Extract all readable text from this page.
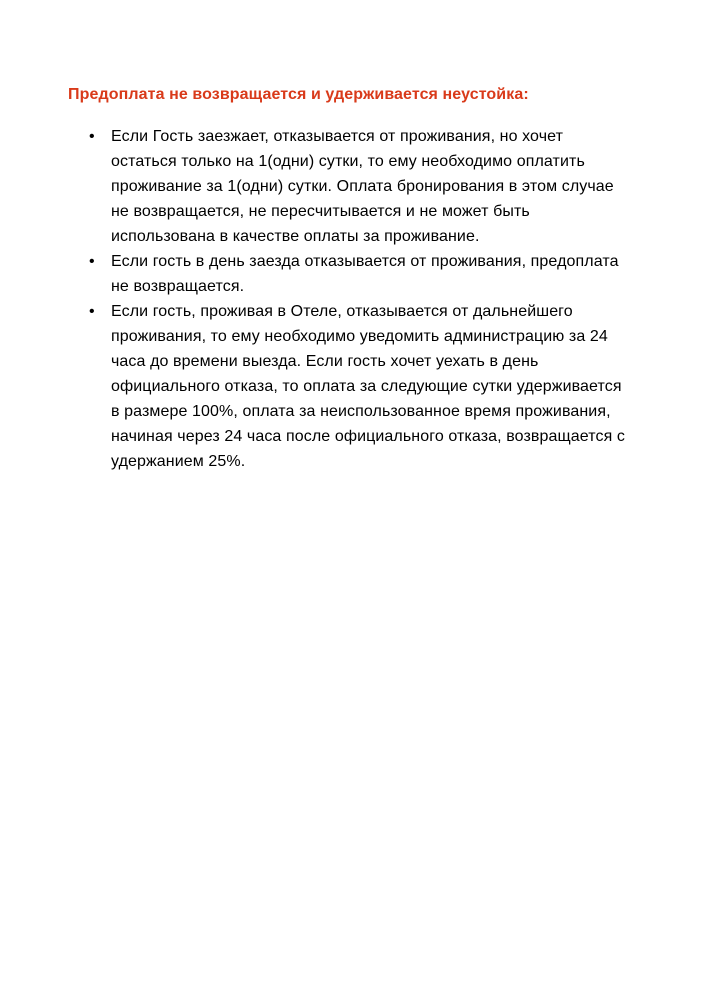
Предоплата не возвращается и удерживается неустойка:
• Если Гость заезжает, отказывается от проживания, но хочет
остаться только на 1(одни) сутки, то ему необходимо оплатить
проживание за 1(одни) сутки. Оплата бронирования в этом случае
не возвращается, не пересчитывается и не может быть
использована в качестве оплаты за проживание.
• Если гость в день заезда отказывается от проживания, предоплата
не возвращается.
• Если гость, проживая в Отеле, отказывается от дальнейшего
проживания, то ему необходимо уведомить администрацию за 24
часа до времени выезда. Если гость хочет уехать в день
официального отказа, то оплата за следующие сутки удерживается
в размере 100%, оплата за неиспользованное время проживания,
начиная через 24 часа после официального отказа, возвращается с
удержанием 25%.
